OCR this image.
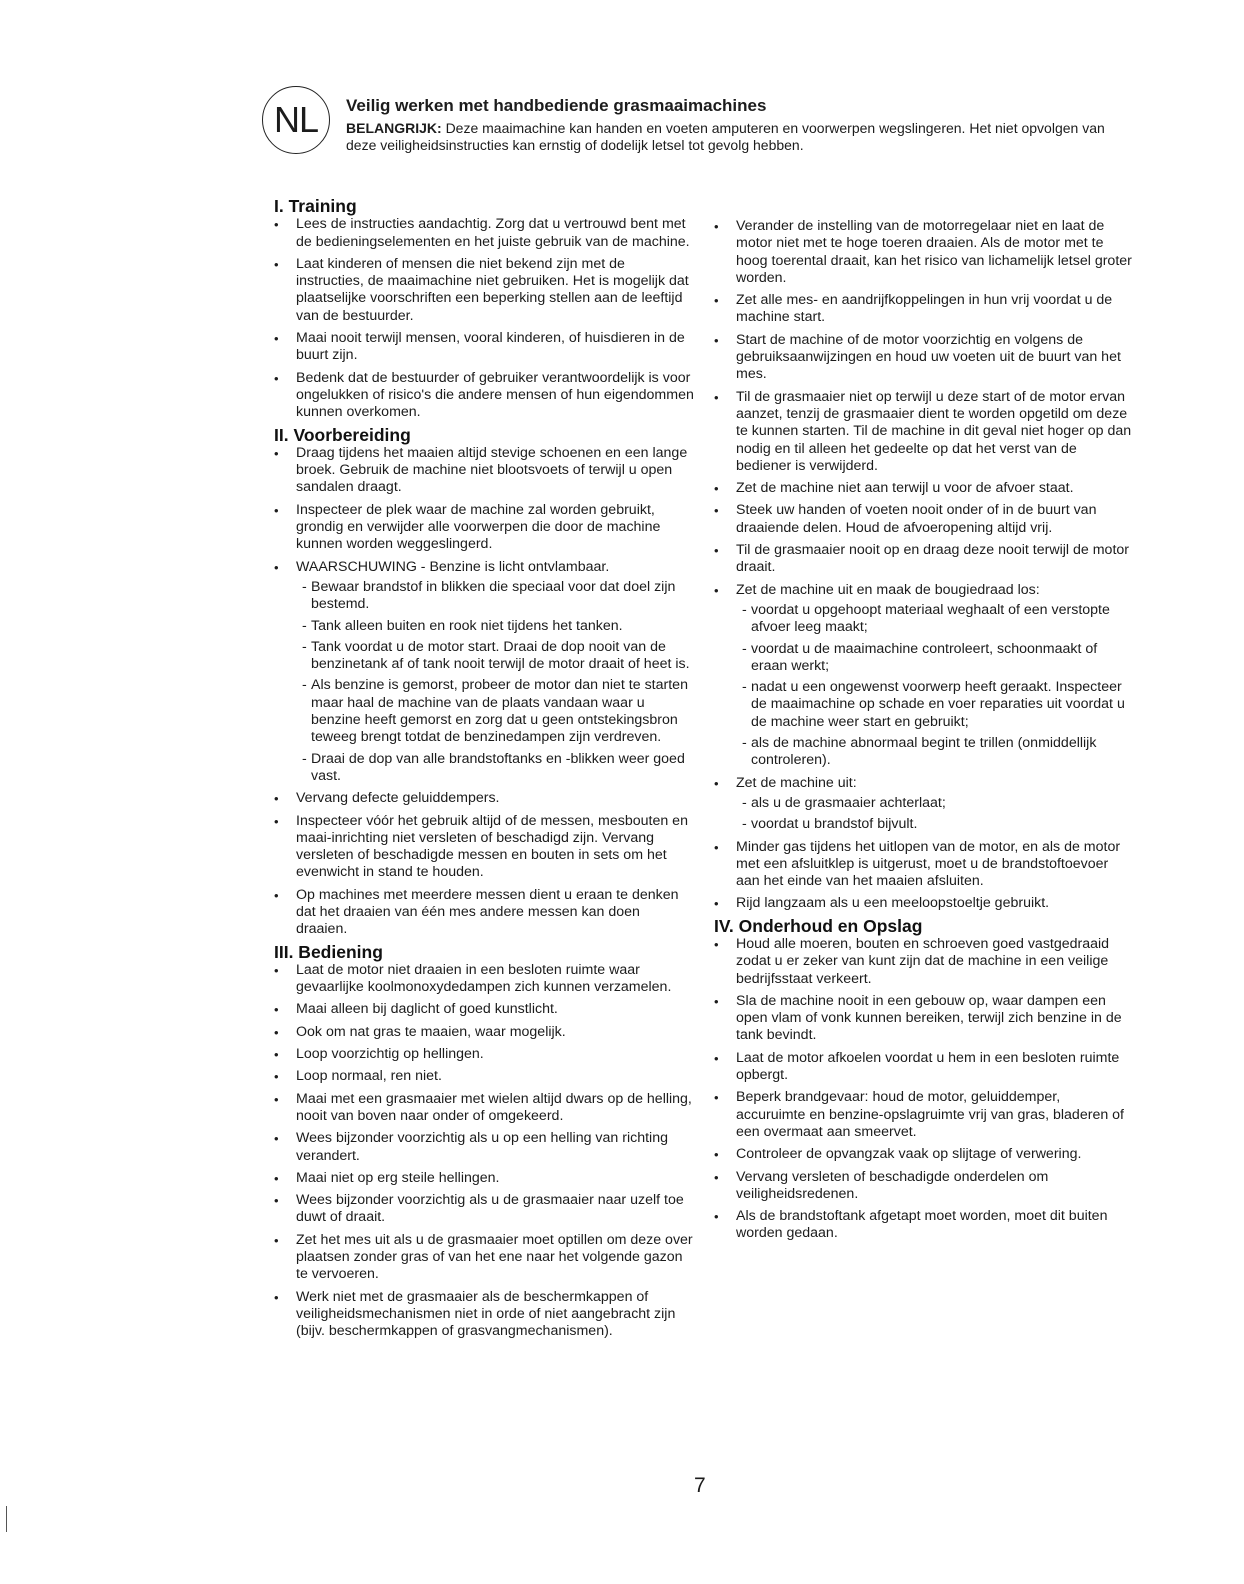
NL Veilig werken met handbediende grasmaaimachines
BELANGRIJK: Deze maaimachine kan handen en voeten amputeren en voorwerpen wegslingeren. Het niet opvolgen van deze veiligheidsinstructies kan ernstig of dodelijk letsel tot gevolg hebben.
I. Training
• Lees de instructies aandachtig. Zorg dat u vertrouwd bent met de bedieningselementen en het juiste gebruik van de machine.
• Laat kinderen of mensen die niet bekend zijn met de instructies, de maaimachine niet gebruiken. Het is mogelijk dat plaatselijke voorschriften een beperking stellen aan de leeftijd van de bestuurder.
• Maai nooit terwijl mensen, vooral kinderen, of huisdieren in de buurt zijn.
• Bedenk dat de bestuurder of gebruiker verantwoordelijk is voor ongelukken of risico's die andere mensen of hun eigendommen kunnen overkomen.
II. Voorbereiding
• Draag tijdens het maaien altijd stevige schoenen en een lange broek. Gebruik de machine niet blootsvoets of terwijl u open sandalen draagt.
• Inspecteer de plek waar de machine zal worden gebruikt, grondig en verwijder alle voorwerpen die door de machine kunnen worden weggeslingerd.
• WAARSCHUWING - Benzine is licht ontvlambaar.
- Bewaar brandstof in blikken die speciaal voor dat doel zijn bestemd.
- Tank alleen buiten en rook niet tijdens het tanken.
- Tank voordat u de motor start. Draai de dop nooit van de benzinetank af of tank nooit terwijl de motor draait of heet is.
- Als benzine is gemorst, probeer de motor dan niet te starten maar haal de machine van de plaats vandaan waar u benzine heeft gemorst en zorg dat u geen ontstekingsbron teweeg brengt totdat de benzinedampen zijn verdreven.
- Draai de dop van alle brandstoftanks en -blikken weer goed vast.
• Vervang defecte geluiddempers.
• Inspecteer vóór het gebruik altijd of de messen, mesbouten en maai-inrichting niet versleten of beschadigd zijn. Vervang versleten of beschadigde messen en bouten in sets om het evenwicht in stand te houden.
• Op machines met meerdere messen dient u eraan te denken dat het draaien van één mes andere messen kan doen draaien.
III. Bediening
• Laat de motor niet draaien in een besloten ruimte waar gevaarlijke koolmonoxydedampen zich kunnen verzamelen.
• Maai alleen bij daglicht of goed kunstlicht.
• Ook om nat gras te maaien, waar mogelijk.
• Loop voorzichtig op hellingen.
• Loop normaal, ren niet.
• Maai met een grasmaaier met wielen altijd dwars op de helling, nooit van boven naar onder of omgekeerd.
• Wees bijzonder voorzichtig als u op een helling van richting verandert.
• Maai niet op erg steile hellingen.
• Wees bijzonder voorzichtig als u de grasmaaier naar uzelf toe duwt of draait.
• Zet het mes uit als u de grasmaaier moet optillen om deze over plaatsen zonder gras of van het ene naar het volgende gazon te vervoeren.
• Werk niet met de grasmaaier als de beschermkappen of veiligheidsmechanismen niet in orde of niet aangebracht zijn (bijv. beschermkappen of grasvangmechanismen).
• Verander de instelling van de motorregelaar niet en laat de motor niet met te hoge toeren draaien. Als de motor met te hoog toerental draait, kan het risico van lichamelijk letsel groter worden.
• Zet alle mes- en aandrijfkoppelingen in hun vrij voordat u de machine start.
• Start de machine of de motor voorzichtig en volgens de gebruiksaanwijzingen en houd uw voeten uit de buurt van het mes.
• Til de grasmaaier niet op terwijl u deze start of de motor ervan aanzet, tenzij de grasmaaier dient te worden opgetild om deze te kunnen starten. Til de machine in dit geval niet hoger op dan nodig en til alleen het gedeelte op dat het verst van de bediener is verwijderd.
• Zet de machine niet aan terwijl u voor de afvoer staat.
• Steek uw handen of voeten nooit onder of in de buurt van draaiende delen. Houd de afvoeropening altijd vrij.
• Til de grasmaaier nooit op en draag deze nooit terwijl de motor draait.
• Zet de machine uit en maak de bougiedraad los:
- voordat u opgehoopt materiaal weghaalt of een verstopte afvoer leeg maakt;
- voordat u de maaimachine controleert, schoonmaakt of eraan werkt;
- nadat u een ongewenst voorwerp heeft geraakt. Inspecteer de maaimachine op schade en voer reparaties uit voordat u de machine weer start en gebruikt;
- als de machine abnormaal begint te trillen (onmiddellijk controleren).
• Zet de machine uit:
- als u de grasmaaier achterlaat;
- voordat u brandstof bijvult.
• Minder gas tijdens het uitlopen van de motor, en als de motor met een afsluitklep is uitgerust, moet u de brandstoftoevoer aan het einde van het maaien afsluiten.
• Rijd langzaam als u een meeloopstoeltje gebruikt.
IV. Onderhoud en Opslag
• Houd alle moeren, bouten en schroeven goed vastgedraaid zodat u er zeker van kunt zijn dat de machine in een veilige bedrijfsstaat verkeert.
• Sla de machine nooit in een gebouw op, waar dampen een open vlam of vonk kunnen bereiken, terwijl zich benzine in de tank bevindt.
• Laat de motor afkoelen voordat u hem in een besloten ruimte opbergt.
• Beperk brandgevaar: houd de motor, geluiddemper, accuruimte en benzine-opslagruimte vrij van gras, bladeren of een overmaat aan smeervet.
• Controleer de opvangzak vaak op slijtage of verwering.
• Vervang versleten of beschadigde onderdelen om veiligheidsredenen.
• Als de brandstoftank afgetapt moet worden, moet dit buiten worden gedaan.
7
